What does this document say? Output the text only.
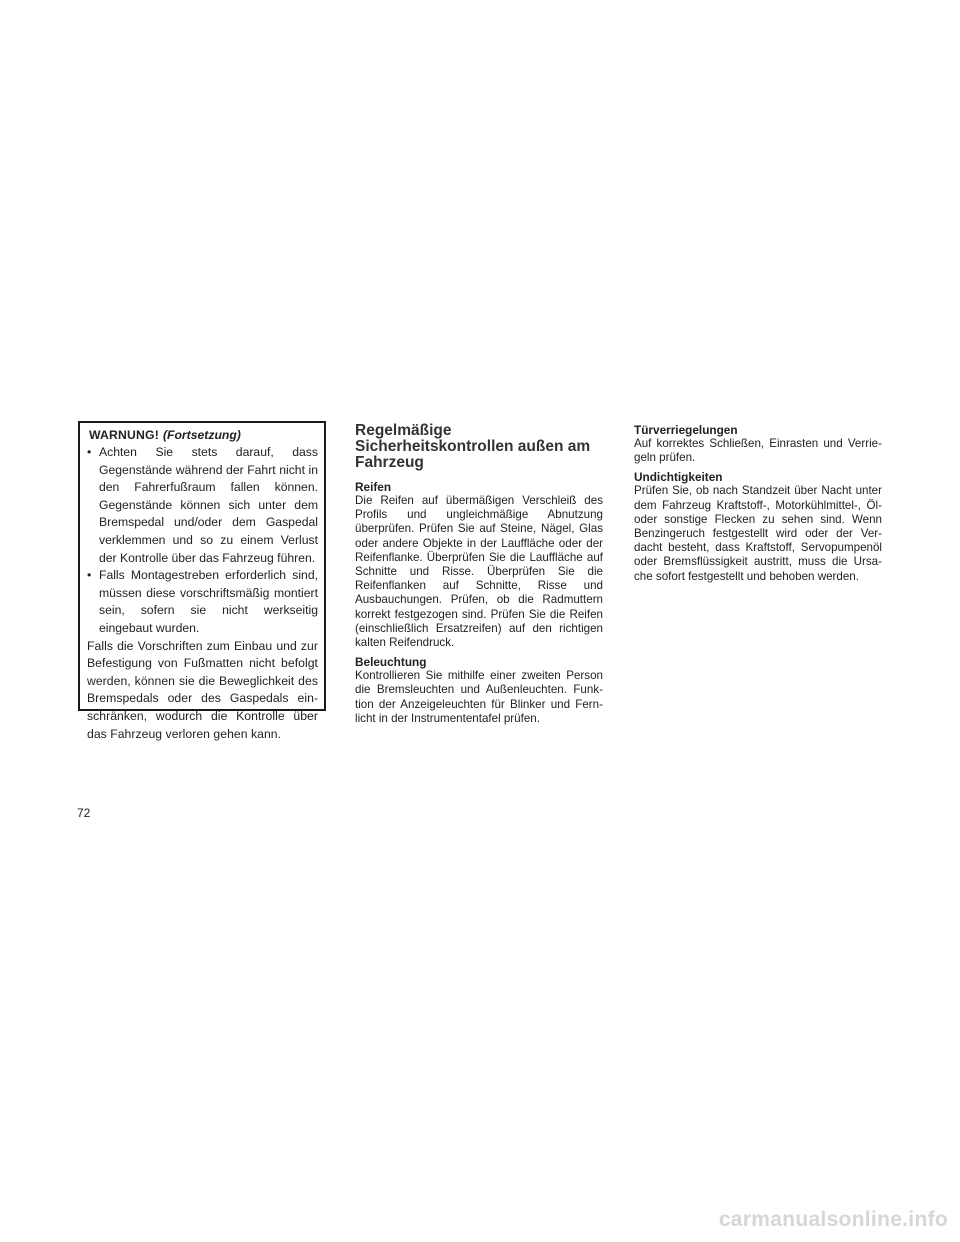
WARNUNG! (Fortsetzung)
• Achten Sie stets darauf, dass Gegenstände während der Fahrt nicht in den Fahrerfußraum fallen können. Gegenstände können sich unter dem Bremspedal und/oder dem Gaspedal verklemmen und so zu einem Verlust der Kontrolle über das Fahrzeug führen.
• Falls Montagestreben erforderlich sind, müssen diese vorschriftsmäßig montiert sein, sofern sie nicht werkseitig eingebaut wurden.

Falls die Vorschriften zum Einbau und zur Befestigung von Fußmatten nicht befolgt werden, können sie die Beweglichkeit des Bremspedals oder des Gaspedals einschränken, wodurch die Kontrolle über das Fahrzeug verloren gehen kann.

Regelmäßige Sicherheitskontrollen außen am Fahrzeug
Reifen

Die Reifen auf übermäßigen Verschleiß des Profils und ungleichmäßige Abnutzung überprüfen. Prüfen Sie auf Steine, Nägel, Glas oder andere Objekte in der Lauffläche oder der Reifenflanke. Überprüfen Sie die Lauffläche auf Schnitte und Risse. Überprüfen Sie die Reifenflanken auf Schnitte, Risse und Ausbauchungen. Prüfen, ob die Radmuttern korrekt festgezogen sind. Prüfen Sie die Reifen (einschließlich Ersatzreifen) auf den richtigen kalten Reifendruck.

Beleuchtung

Kontrollieren Sie mithilfe einer zweiten Person die Bremsleuchten und Außenleuchten. Funktion der Anzeigeleuchten für Blinker und Fernlicht in der Instrumententafel prüfen.

Türverriegelungen

Auf korrektes Schließen, Einrasten und Verriegeln prüfen.

Undichtigkeiten

Prüfen Sie, ob nach Standzeit über Nacht unter dem Fahrzeug Kraftstoff-, Motorkühlmittel-, Öl- oder sonstige Flecken zu sehen sind. Wenn Benzingeruch festgestellt wird oder der Verdacht besteht, dass Kraftstoff, Servopumpenöl oder Bremsflüssigkeit austritt, muss die Ursache sofort festgestellt und behoben werden.

72
carmanualsonline.info
